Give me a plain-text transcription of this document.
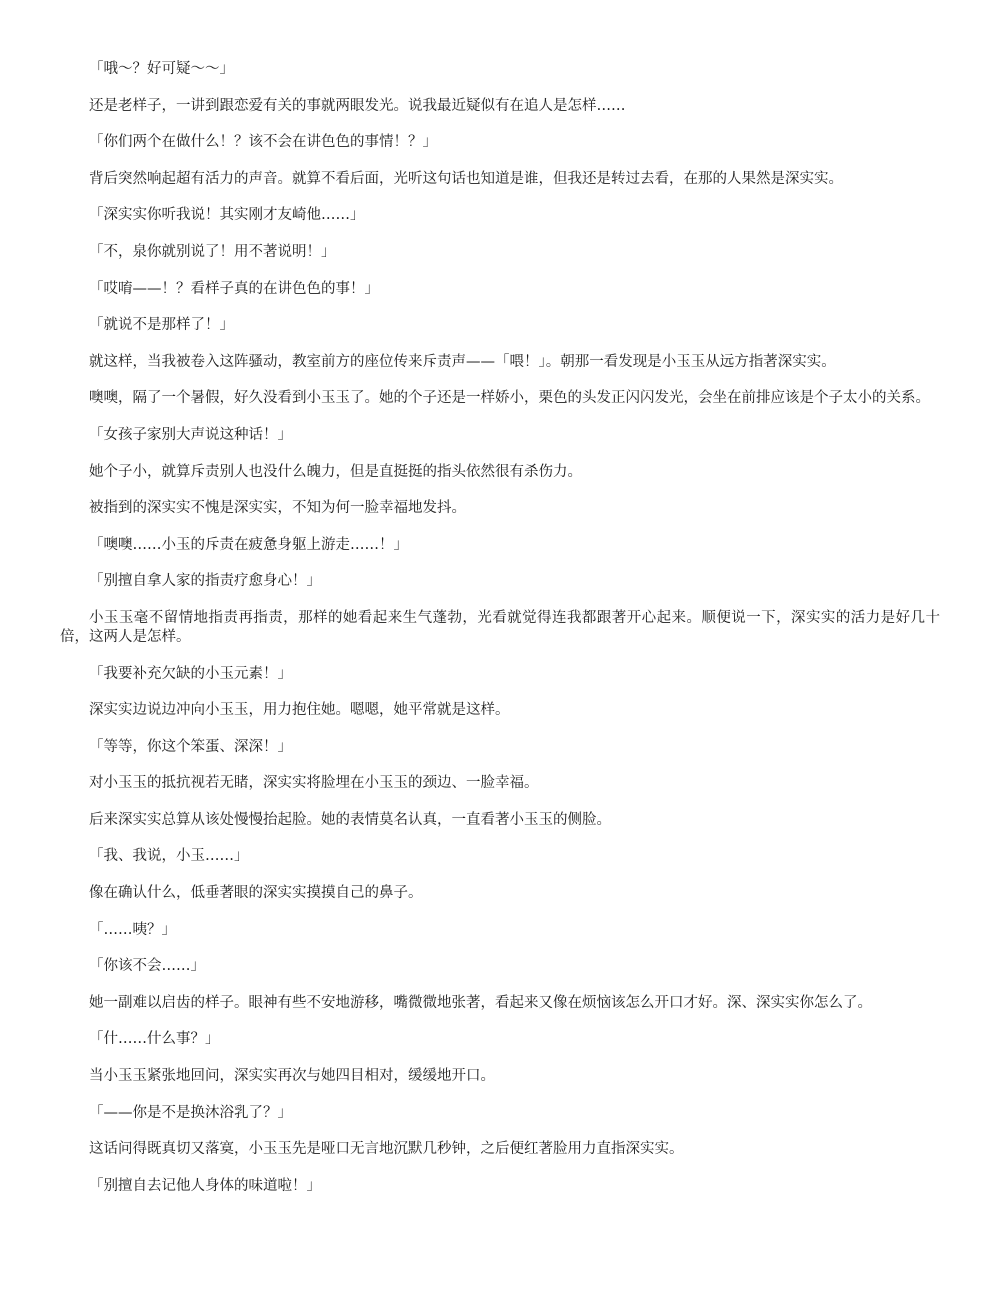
「哦～？好可疑～～」

还是老样子，一讲到跟恋爱有关的事就两眼发光。说我最近疑似有在追人是怎样……

「你们两个在做什么！？该不会在讲色色的事情！？」

背后突然响起超有活力的声音。就算不看后面，光听这句话也知道是谁，但我还是转过去看，在那的人果然是深实实。

「深实实你听我说！其实刚才友崎他……」

「不，泉你就别说了！用不著说明！」

「哎唷——！？看样子真的在讲色色的事！」

「就说不是那样了！」

就这样，当我被卷入这阵骚动，教室前方的座位传来斥责声——「喂！」。朝那一看发现是小玉玉从远方指著深实实。

噢噢，隔了一个暑假，好久没看到小玉玉了。她的个子还是一样娇小，栗色的头发正闪闪发光，会坐在前排应该是个子太小的关系。

「女孩子家别大声说这种话！」

她个子小，就算斥责别人也没什么魄力，但是直挺挺的指头依然很有杀伤力。

被指到的深实实不愧是深实实，不知为何一脸幸福地发抖。

「噢噢……小玉的斥责在疲惫身躯上游走……！」

「别擅自拿人家的指责疗愈身心！」

小玉玉毫不留情地指责再指责，那样的她看起来生气蓬勃，光看就觉得连我都跟著开心起来。顺便说一下，深实实的活力是好几十倍，这两人是怎样。

「我要补充欠缺的小玉元素！」

深实实边说边冲向小玉玉，用力抱住她。嗯嗯，她平常就是这样。

「等等，你这个笨蛋、深深！」

对小玉玉的抵抗视若无睹，深实实将脸埋在小玉玉的颈边、一脸幸福。

后来深实实总算从该处慢慢抬起脸。她的表情莫名认真，一直看著小玉玉的侧脸。

「我、我说，小玉……」

像在确认什么，低垂著眼的深实实摸摸自己的鼻子。

「……咦？」

「你该不会……」

她一副难以启齿的样子。眼神有些不安地游移，嘴微微地张著，看起来又像在烦恼该怎么开口才好。深、深实实你怎么了。

「什……什么事？」

当小玉玉紧张地回问，深实实再次与她四目相对，缓缓地开口。

「——你是不是换沐浴乳了？」

这话问得既真切又落寞，小玉玉先是哑口无言地沉默几秒钟，之后便红著脸用力直指深实实。

「别擅自去记他人身体的味道啦！」
